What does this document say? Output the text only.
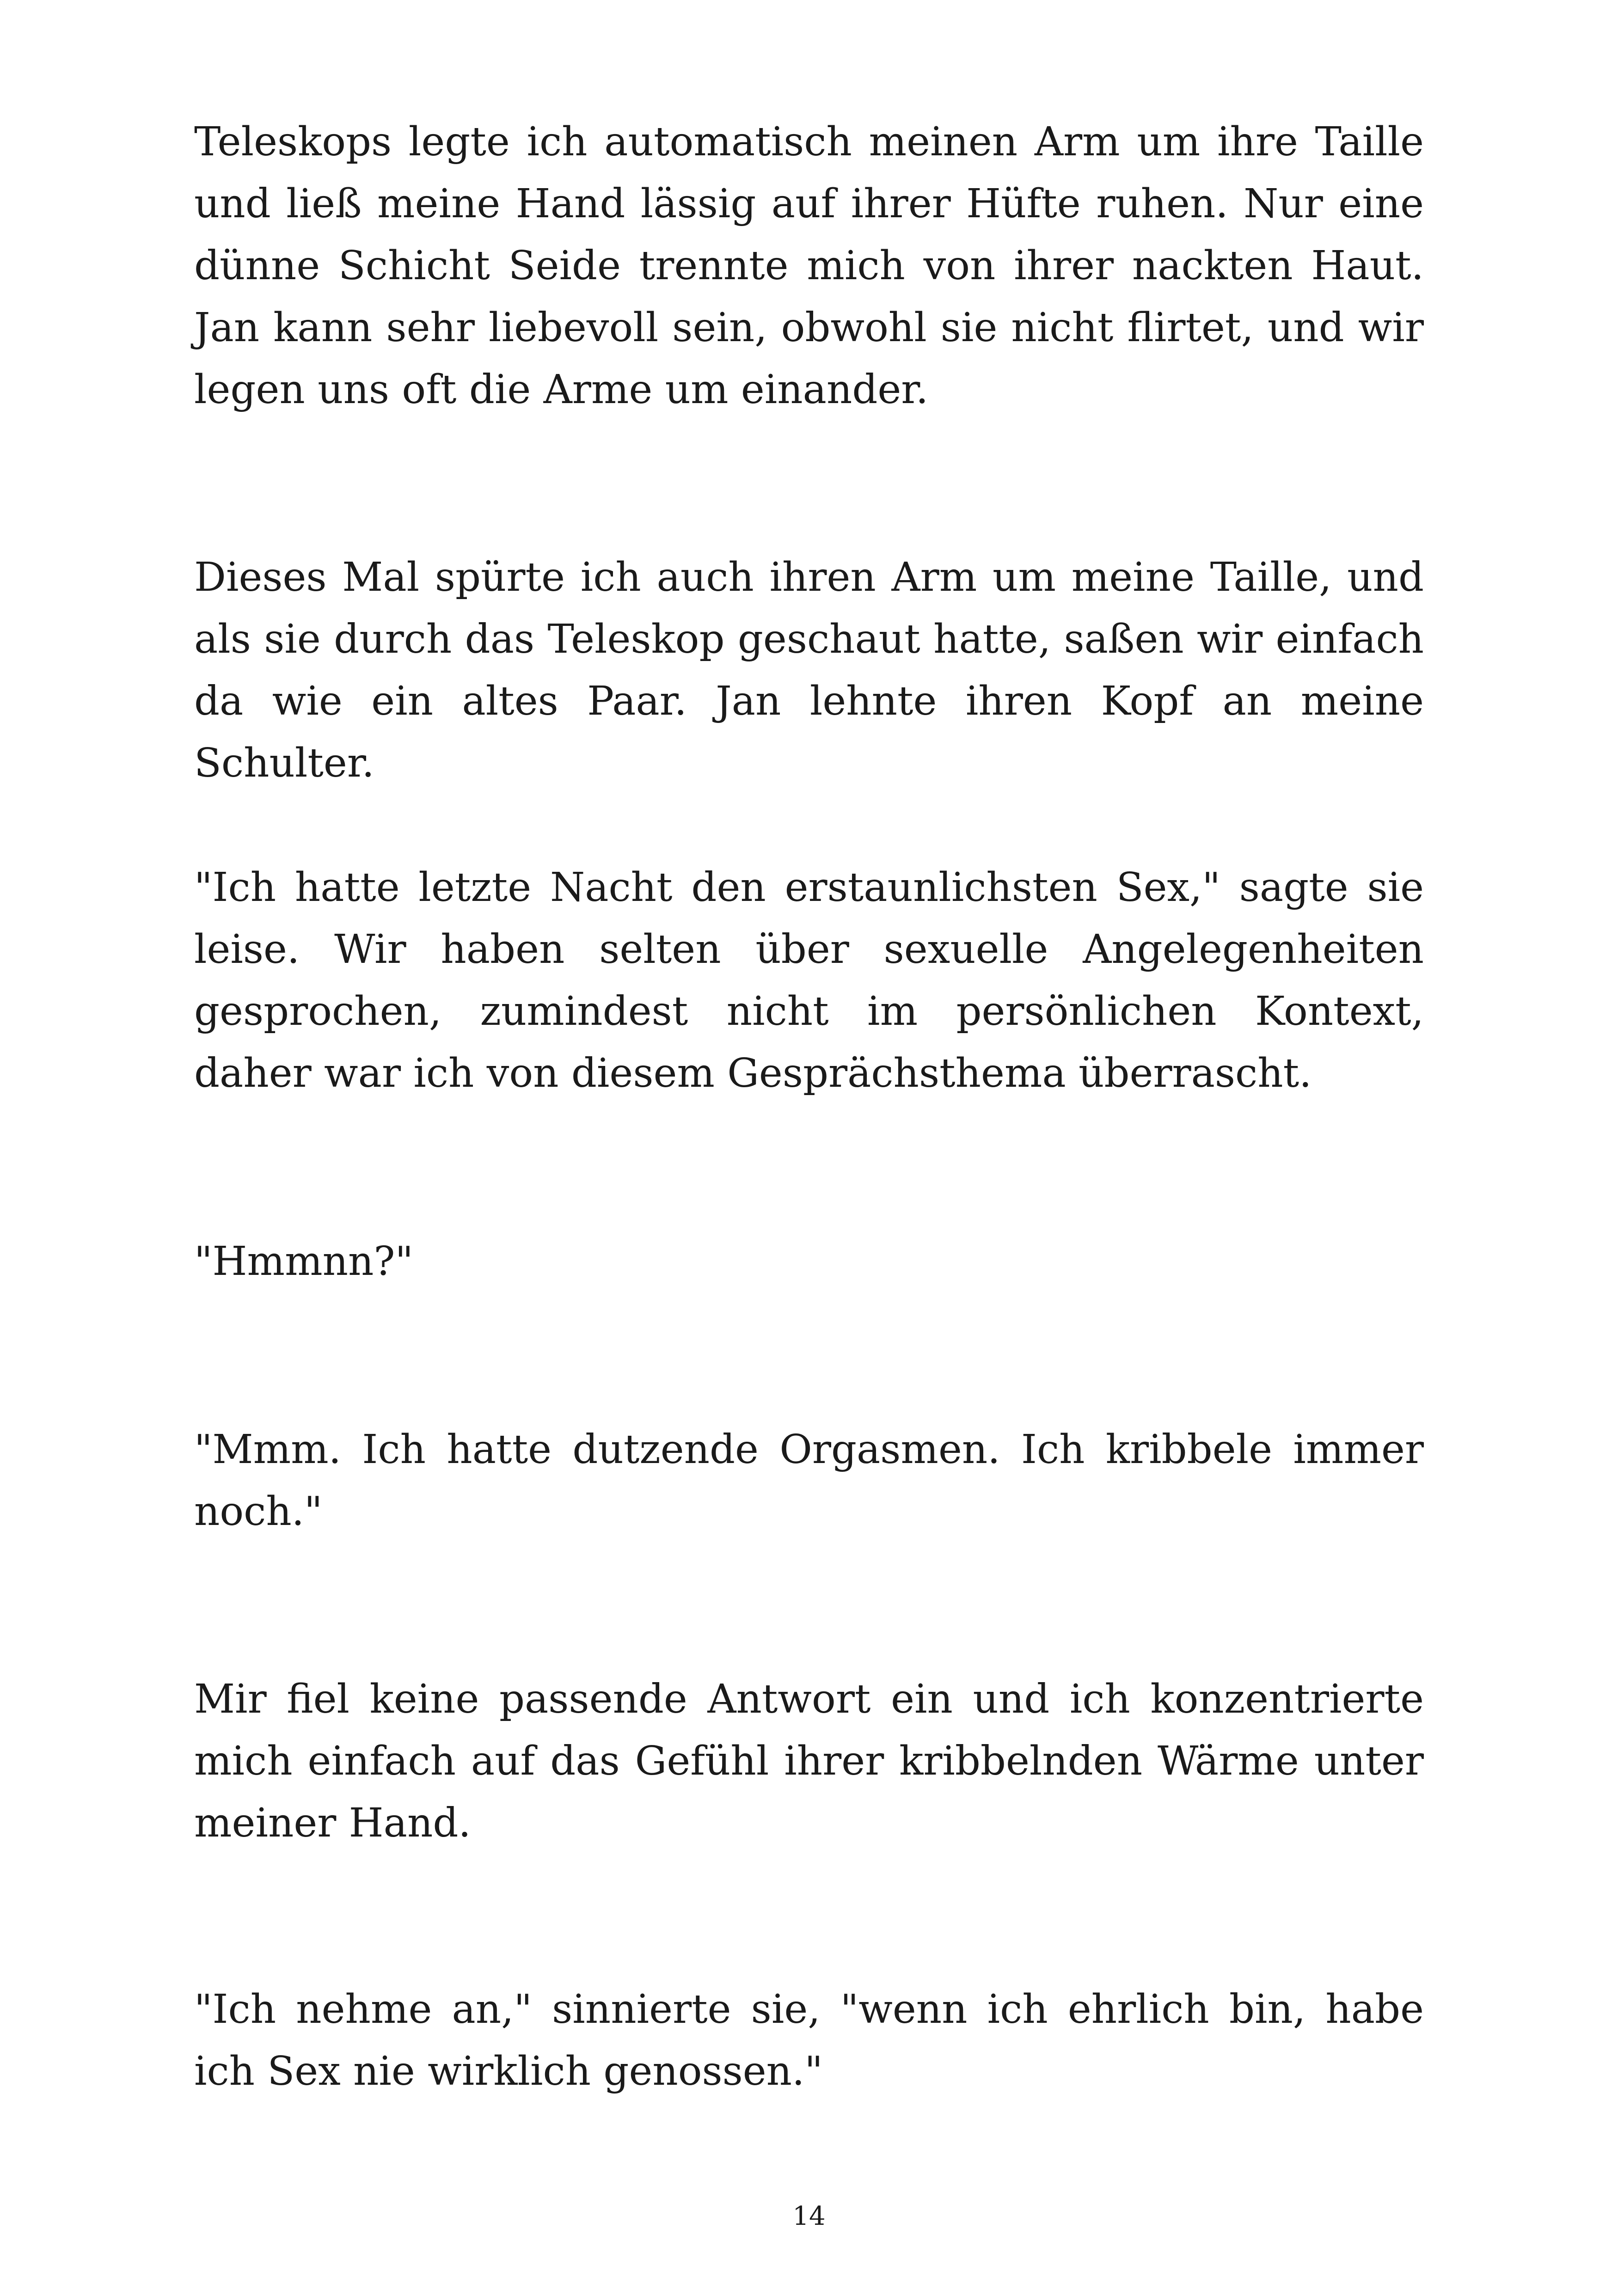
Teleskops legte ich automatisch meinen Arm um ihre Taille und ließ meine Hand lässig auf ihrer Hüfte ruhen. Nur eine dünne Schicht Seide trennte mich von ihrer nackten Haut. Jan kann sehr liebevoll sein, obwohl sie nicht flirtet, und wir legen uns oft die Arme um einander.

Dieses Mal spürte ich auch ihren Arm um meine Taille, und als sie durch das Teleskop geschaut hatte, saßen wir einfach da wie ein altes Paar. Jan lehnte ihren Kopf an meine Schulter.

"Ich hatte letzte Nacht den erstaunlichsten Sex," sagte sie leise. Wir haben selten über sexuelle Angelegenheiten gesprochen, zumindest nicht im persönlichen Kontext, daher war ich von diesem Gesprächsthema überrascht.

"Hmmnn?"

"Mmm. Ich hatte dutzende Orgasmen. Ich kribbele immer noch."

Mir fiel keine passende Antwort ein und ich konzentrierte mich einfach auf das Gefühl ihrer kribbelnden Wärme unter meiner Hand.

"Ich nehme an," sinnierte sie, "wenn ich ehrlich bin, habe ich Sex nie wirklich genossen."

14
